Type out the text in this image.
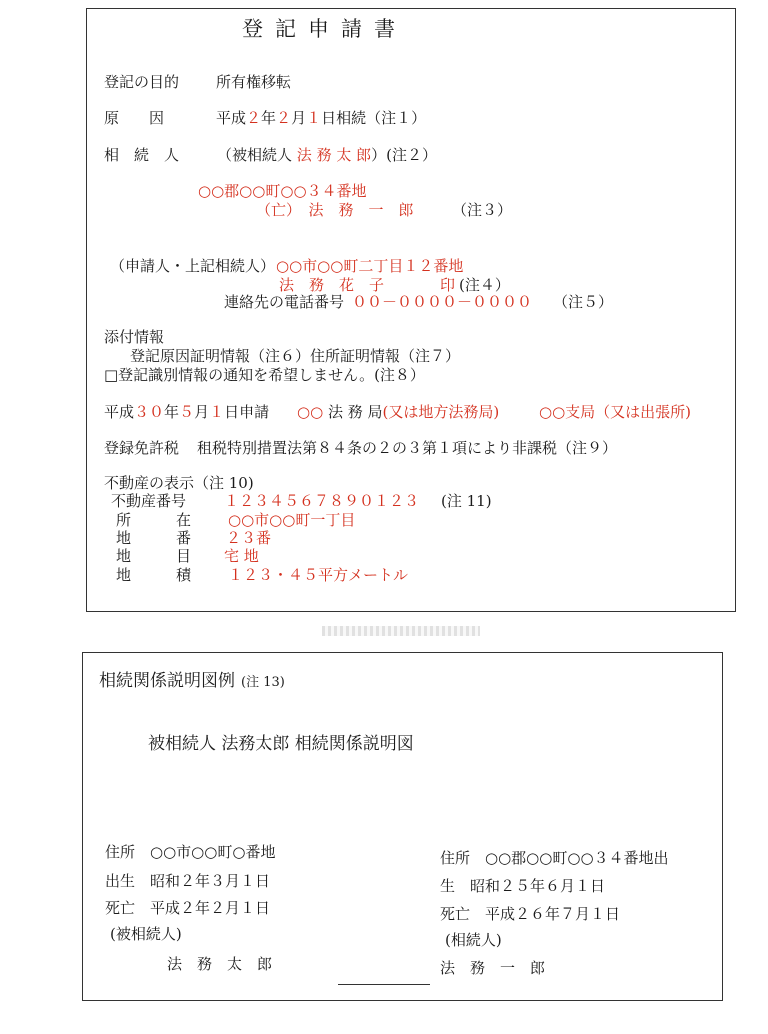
登記申請書
登記の目的 所有権移転
原　　因	平成２年２月１日相続（注１）
相　続　人	（被相続人 法 務 太 郎）(注２）
○○郡○○町○○３４番地
（亡）　法　務　一　郎	（注３）
（申請人・上記相続人） ○○市○○町二丁目１２番地
法　務　花　子	印 (注４）
連絡先の電話番号 ００－００００－００００ （注５）
添付情報
登記原因証明情報（注６）住所証明情報（注７）
□登記識別情報の通知を希望しません。(注８）
平成３０年５月１日申請 ○○ 法 務 局(又は地方法務局)	○○支局（又は出張所)
登録免許税 租税特別措置法第８４条の２の３第１項により非課税（注９）
不動産の表示（注 10)
不動産番号	１２３４５６７８９０１２３ (注 11)
所　　　在 ○○市○○町一丁目
地　　　番 ２３番
地　　　目 宅 地
地　　　積 １２３・４５平方メートル
相続関係説明図例 (注 13)
被相続人 法務太郎 相続関係説明図
住所　○○市○○町○番地
出生　昭和２年３月１日
死亡　平成２年２月１日
(被相続人)
法　務　太　郎
住所　○○郡○○町○○３４番地出
生　昭和２５年６月１日
死亡　平成２６年７月１日
(相続人)
法　務　一　郎
